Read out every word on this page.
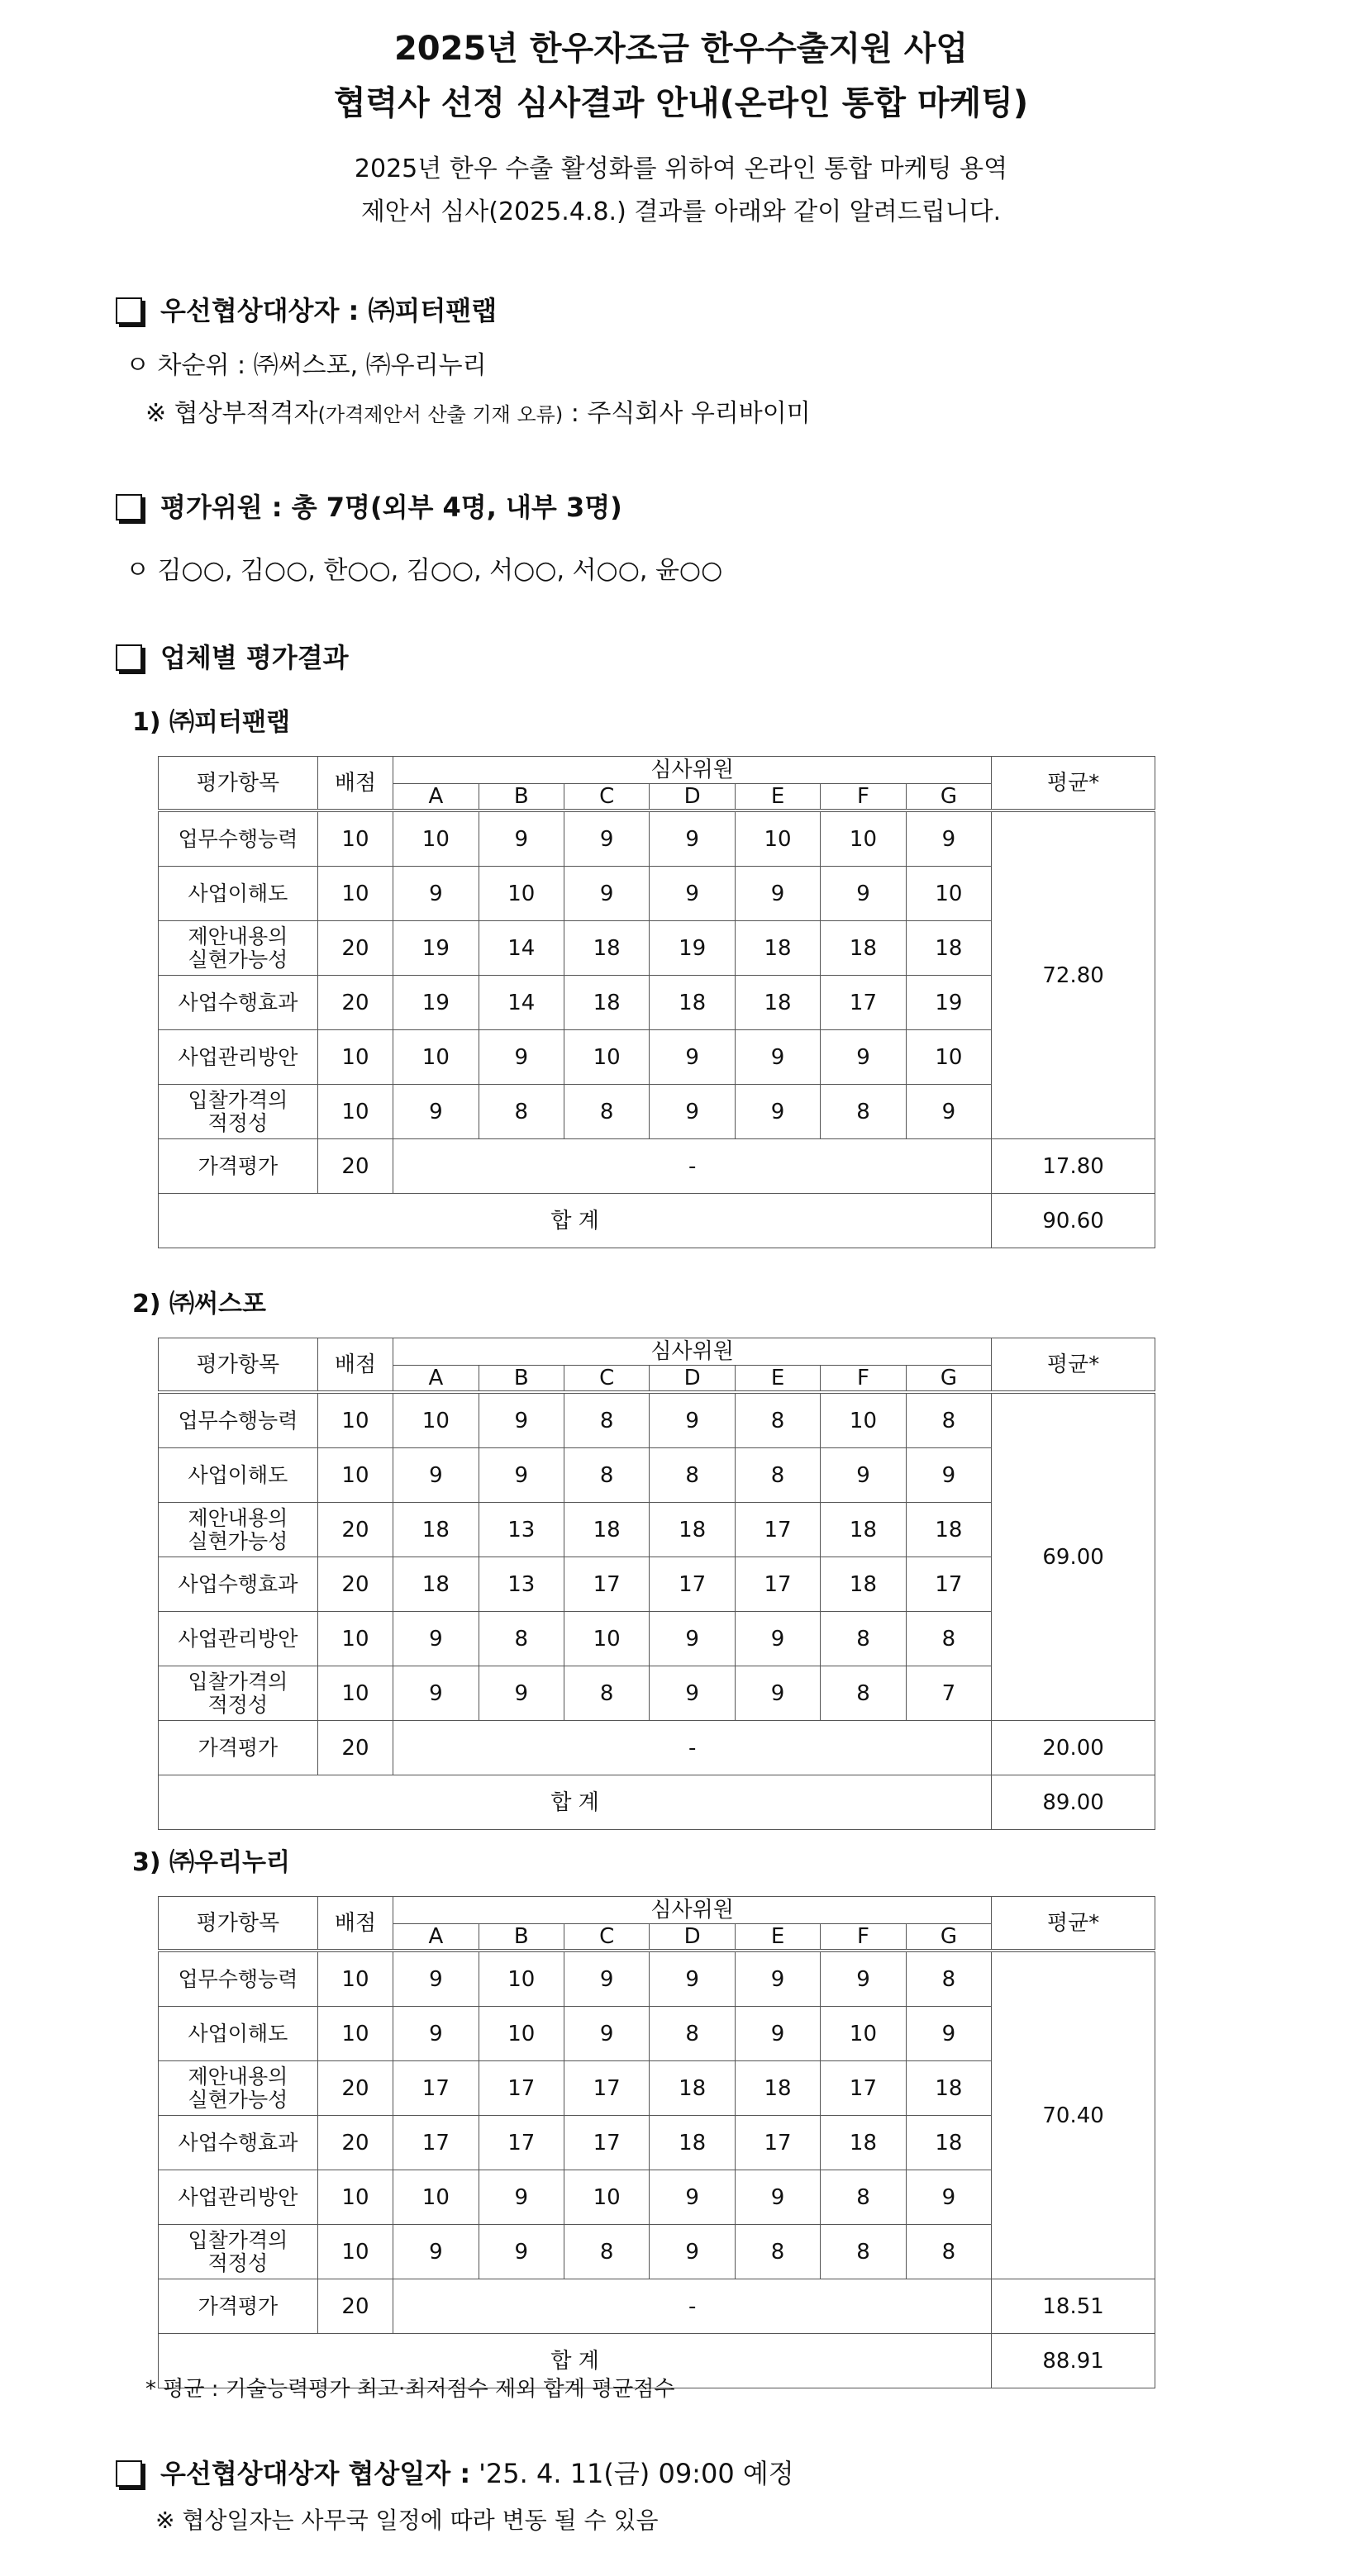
2025년 한우자조금 한우수출지원 사업
협력사 선정 심사결과 안내(온라인 통합 마케팅)
2025년 한우 수출 활성화를 위하여 온라인 통합 마케팅 용역
제안서 심사(2025.4.8.) 결과를 아래와 같이 알려드립니다.
우선협상대상자 : ㈜피터팬랩
ㅇ 차순위 : ㈜써스포, ㈜우리누리
※ 협상부적격자(가격제안서 산출 기재 오류) : 주식회사 우리바이미
평가위원 : 총 7명(외부 4명, 내부 3명)
ㅇ 김○○, 김○○, 한○○, 김○○, 서○○, 서○○, 윤○○
업체별 평가결과
1) ㈜피터팬랩
평가항목	배점	심사위원							평균*
		A	B	C	D	E	F	G	

업무수행능력	10	10	9	9	9	10	10	9	72.80

사업이해도	10	9	10	9	9	9	9	10	

제안내용의
실현가능성	20	19	14	18	19	18	18	18	

사업수행효과	20	19	14	18	18	18	17	19	

사업관리방안	10	10	9	10	9	9	9	10	

입찰가격의
적정성	10	9	8	8	9	9	8	9	
가격평가	20	-							17.80
합 계									90.60
2) ㈜써스포
평가항목	배점	심사위원							평균*
		A	B	C	D	E	F	G	

업무수행능력	10	10	9	8	9	8	10	8	69.00

사업이해도	10	9	9	8	8	8	9	9	

제안내용의
실현가능성	20	18	13	18	18	17	18	18	

사업수행효과	20	18	13	17	17	17	18	17	

사업관리방안	10	9	8	10	9	9	8	8	

입찰가격의
적정성	10	9	9	8	9	9	8	7	
가격평가	20	-							20.00
합 계									89.00
3) ㈜우리누리
평가항목	배점	심사위원							평균*
		A	B	C	D	E	F	G	

업무수행능력	10	9	10	9	9	9	9	8	70.40

사업이해도	10	9	10	9	8	9	10	9	

제안내용의
실현가능성	20	17	17	17	18	18	17	18	

사업수행효과	20	17	17	17	18	17	18	18	

사업관리방안	10	10	9	10	9	9	8	9	

입찰가격의
적정성	10	9	9	8	9	8	8	8	
가격평가	20	-							18.51
합 계									88.91
* 평균 : 기술능력평가 최고·최저점수 제외 합계 평균점수
우선협상대상자 협상일자 : '25. 4. 11(금) 09:00 예정
※ 협상일자는 사무국 일정에 따라 변동 될 수 있음
